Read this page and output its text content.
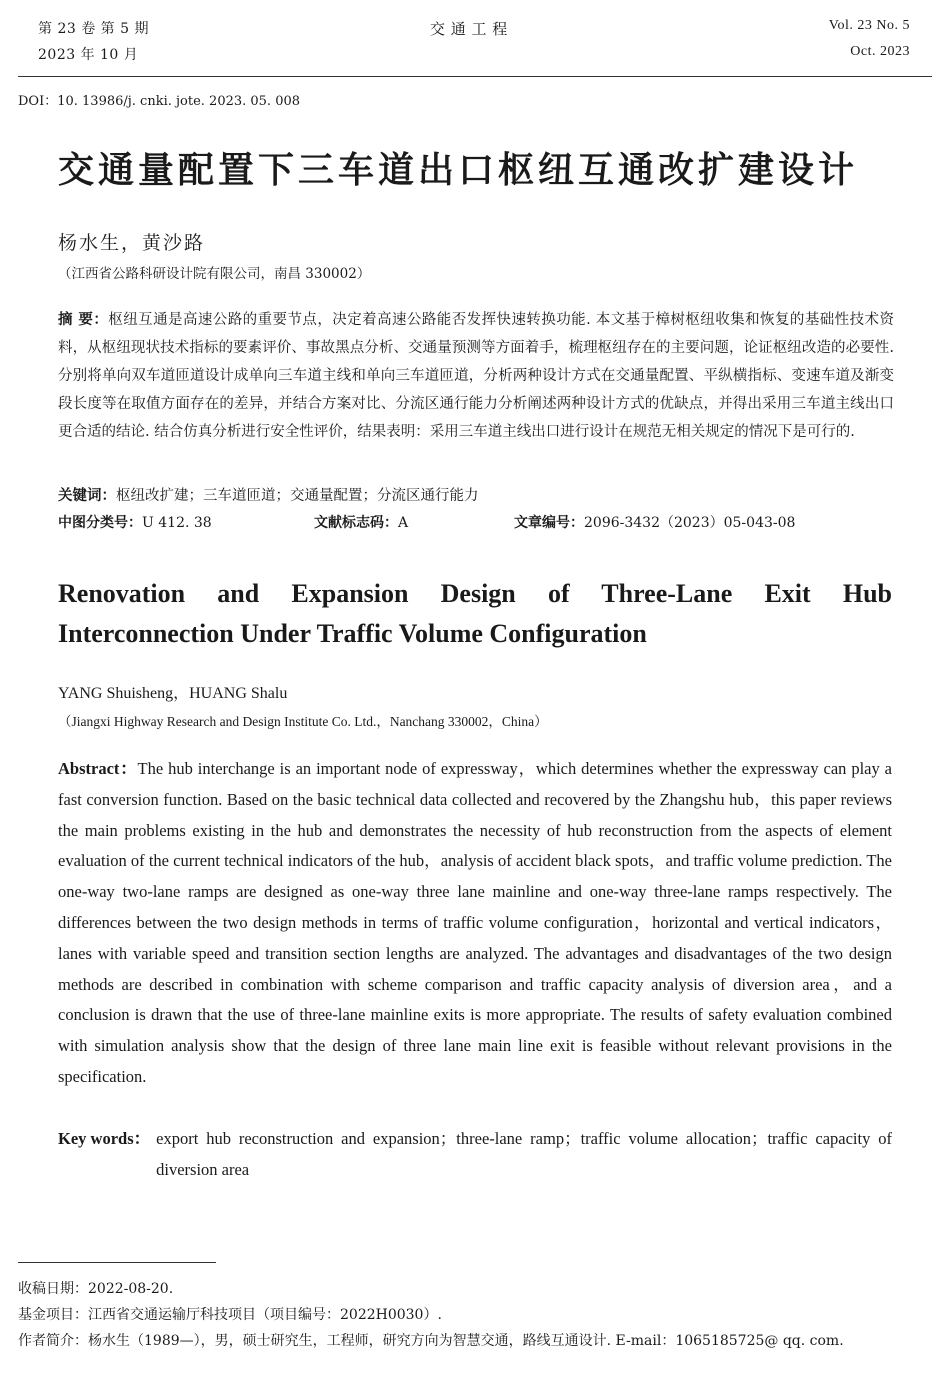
第 23 卷 第 5 期
2023 年 10 月
交 通 工 程	Vol. 23 No. 5
Oct. 2023
DOI：10. 13986/j. cnki. jote. 2023. 05. 008
交通量配置下三车道出口枢纽互通改扩建设计
杨水生，黄沙路
（江西省公路科研设计院有限公司，南昌 330002）
摘 要：枢纽互通是高速公路的重要节点，决定着高速公路能否发挥快速转换功能. 本文基于樟树枢纽收集和恢复的基础性技术资料，从枢纽现状技术指标的要素评价、事故黑点分析、交通量预测等方面着手，梳理枢纽存在的主要问题，论证枢纽改造的必要性. 分别将单向双车道匝道设计成单向三车道主线和单向三车道匝道，分析两种设计方式在交通量配置、平纵横指标、变速车道及渐变段长度等在取值方面存在的差异，并结合方案对比、分流区通行能力分析阐述两种设计方式的优缺点，并得出采用三车道主线出口更合适的结论. 结合仿真分析进行安全性评价，结果表明：采用三车道主线出口进行设计在规范无相关规定的情况下是可行的.
关键词：枢纽改扩建；三车道匝道；交通量配置；分流区通行能力
中图分类号：U 412. 38	文献标志码：A	文章编号：2096-3432（2023）05-043-08
Renovation and Expansion Design of Three-Lane Exit Hub
Interconnection Under Traffic Volume Configuration
YANG Shuisheng，HUANG Shalu
（Jiangxi Highway Research and Design Institute Co. Ltd.，Nanchang 330002，China）
Abstract：The hub interchange is an important node of expressway，which determines whether the expressway can play a fast conversion function. Based on the basic technical data collected and recovered by the Zhangshu hub，this paper reviews the main problems existing in the hub and demonstrates the necessity of hub reconstruction from the aspects of element evaluation of the current technical indicators of the hub，analysis of accident black spots，and traffic volume prediction. The one-way two-lane ramps are designed as one-way three lane mainline and one-way three-lane ramps respectively. The differences between the two design methods in terms of traffic volume configuration，horizontal and vertical indicators，lanes with variable speed and transition section lengths are analyzed. The advantages and disadvantages of the two design methods are described in combination with scheme comparison and traffic capacity analysis of diversion area，and a conclusion is drawn that the use of three-lane mainline exits is more appropriate. The results of safety evaluation combined with simulation analysis show that the design of three lane main line exit is feasible without relevant provisions in the specification.
Key words： export hub reconstruction and expansion；three-lane ramp；traffic volume allocation；traffic capacity of diversion area
收稿日期：2022-08-20.
基金项目：江西省交通运输厅科技项目（项目编号：2022H0030）.
作者简介：杨水生（1989—），男，硕士研究生，工程师，研究方向为智慧交通，路线互通设计. E-mail：1065185725@ qq. com.
